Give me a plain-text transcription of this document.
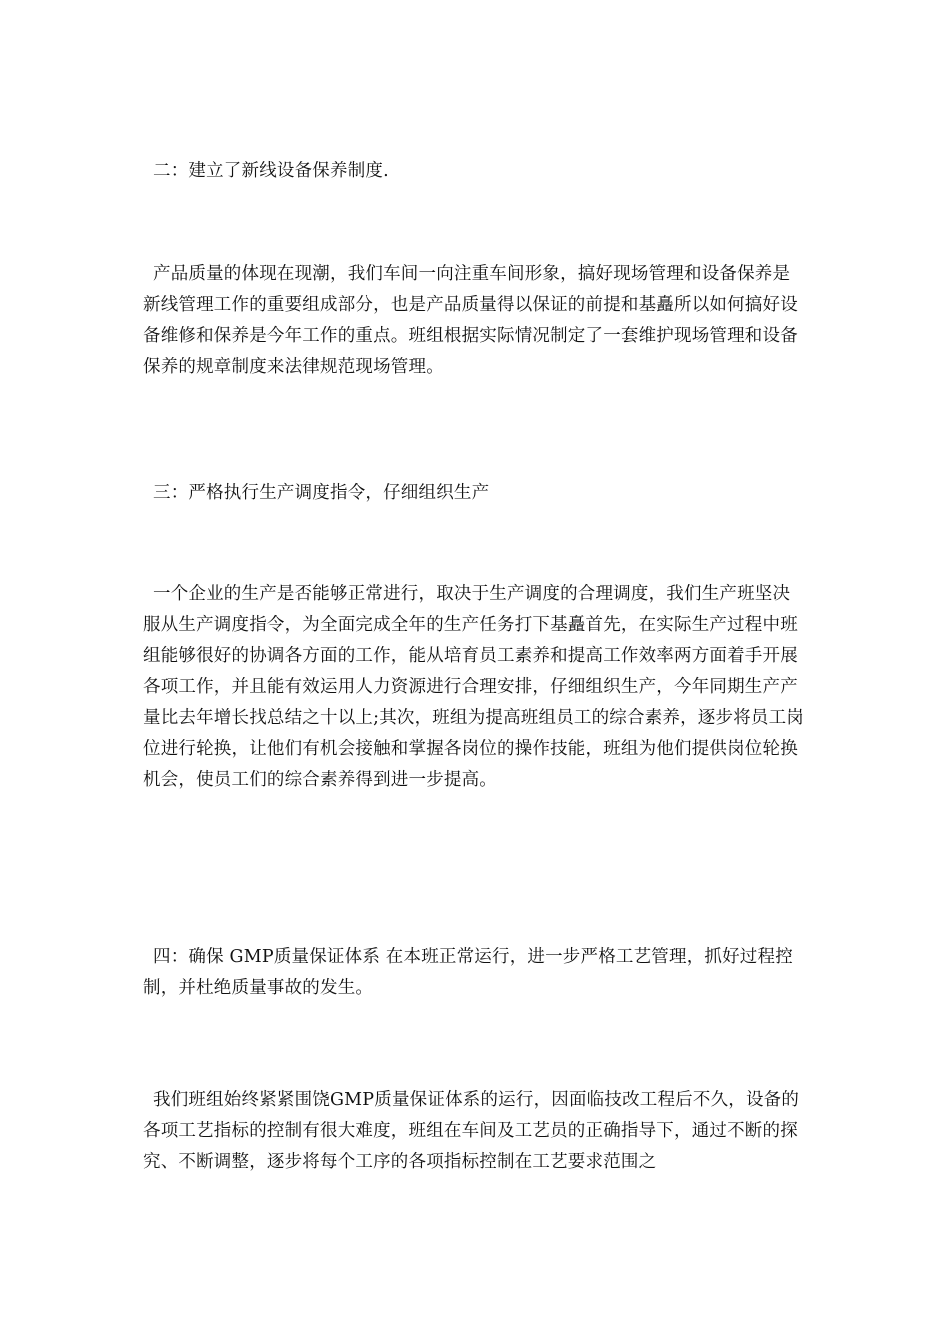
二：建立了新线设备保养制度.

产品质量的体现在现潮，我们车间一向注重车间形象，搞好现场管理和设备保养是新线管理工作的重要组成部分，也是产品质量得以保证的前提和基矗所以如何搞好设备维修和保养是今年工作的重点。班组根据实际情况制定了一套维护现场管理和设备保养的规章制度来法律规范现场管理。

三：严格执行生产调度指令，仔细组织生产

一个企业的生产是否能够正常进行，取决于生产调度的合理调度，我们生产班坚决服从生产调度指令，为全面完成全年的生产任务打下基矗首先，在实际生产过程中班组能够很好的协调各方面的工作，能从培育员工素养和提高工作效率两方面着手开展各项工作，并且能有效运用人力资源进行合理安排，仔细组织生产，今年同期生产产量比去年增长找总结之十以上;其次，班组为提高班组员工的综合素养，逐步将员工岗位进行轮换，让他们有机会接触和掌握各岗位的操作技能，班组为他们提供岗位轮换机会，使员工们的综合素养得到进一步提高。

四：确保 GMP质量保证体系 在本班正常运行，进一步严格工艺管理，抓好过程控制，并杜绝质量事故的发生。

我们班组始终紧紧围饶GMP质量保证体系的运行，因面临技改工程后不久，设备的各项工艺指标的控制有很大难度，班组在车间及工艺员的正确指导下，通过不断的探究、不断调整，逐步将每个工序的各项指标控制在工艺要求范围之
